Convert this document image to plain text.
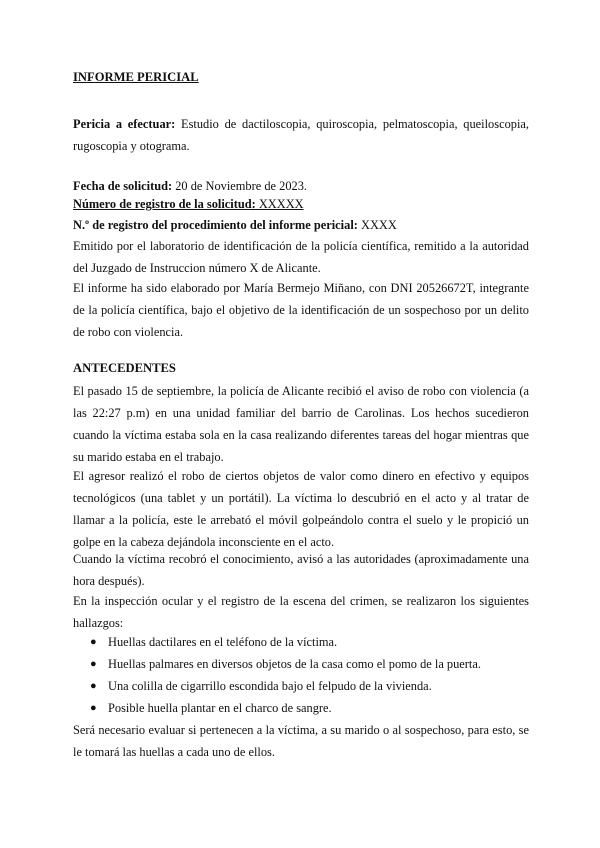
INFORME PERICIAL
Pericia a efectuar: Estudio de dactiloscopia, quiroscopia, pelmatoscopia, queiloscopia, rugoscopia y otograma.
Fecha de solicitud: 20 de Noviembre de 2023.
Número de registro de la solicitud: XXXXX
N.º de registro del procedimiento del informe pericial: XXXX
Emitido por el laboratorio de identificación de la policía científica, remitido a la autoridad del Juzgado de Instruccion número X de Alicante.
El informe ha sido elaborado por María Bermejo Miñano, con DNI 20526672T, integrante de la policía científica, bajo el objetivo de la identificación de un sospechoso por un delito de robo con violencia.
ANTECEDENTES
El pasado 15 de septiembre, la policía de Alicante recibió el aviso de robo con violencia (a las 22:27 p.m) en una unidad familiar del barrio de Carolinas. Los hechos sucedieron cuando la víctima estaba sola en la casa realizando diferentes tareas del hogar mientras que su marido estaba en el trabajo.
El agresor realizó el robo de ciertos objetos de valor como dinero en efectivo y equipos tecnológicos (una tablet y un portátil). La víctima lo descubrió en el acto y al tratar de llamar a la policía, este le arrebató el móvil golpeándolo contra el suelo y le propició un golpe en la cabeza dejándola inconsciente en el acto.
Cuando la víctima recobró el conocimiento, avisó a las autoridades (aproximadamente una hora después).
En la inspección ocular y el registro de la escena del crimen, se realizaron los siguientes hallazgos:
● Huellas dactilares en el teléfono de la víctima.
● Huellas palmares en diversos objetos de la casa como el pomo de la puerta.
● Una colilla de cigarrillo escondida bajo el felpudo de la vivienda.
● Posible huella plantar en el charco de sangre.
Será necesario evaluar si pertenecen a la víctima, a su marido o al sospechoso, para esto, se le tomará las huellas a cada uno de ellos.
